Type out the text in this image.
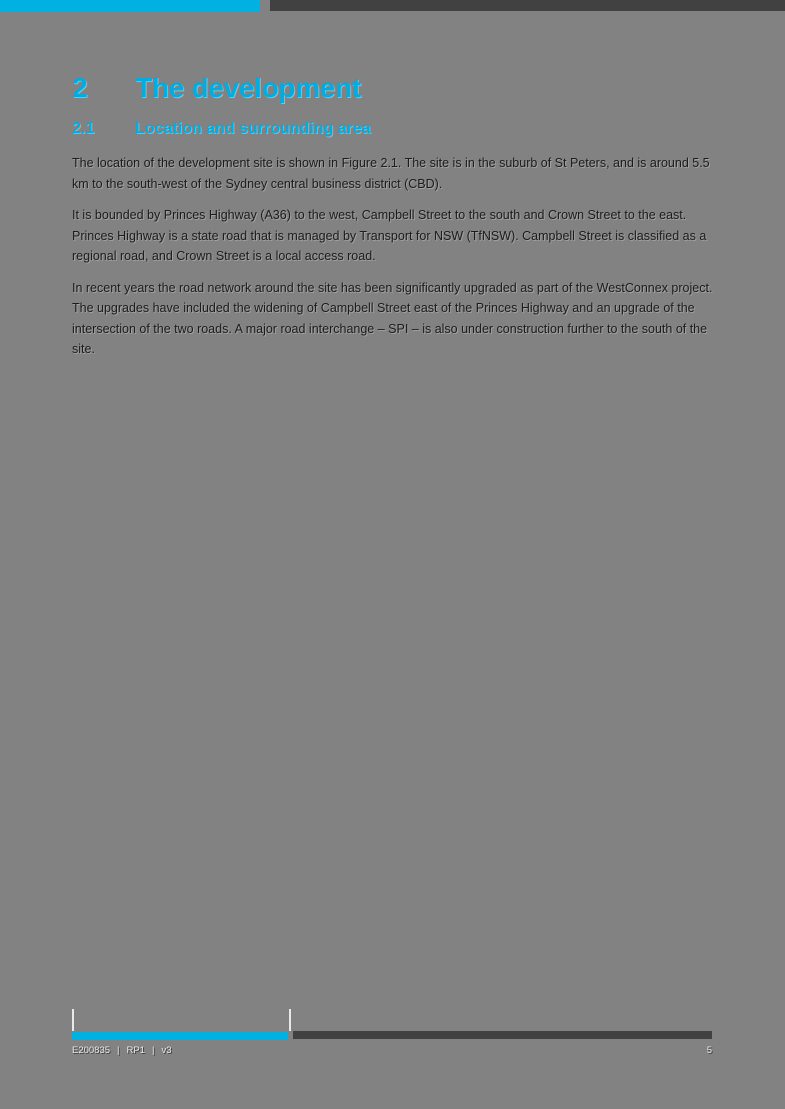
2	The development
2.1	Location and surrounding area

The location of the development site is shown in Figure 2.1. The site is in the suburb of St Peters, and is around 5.5 km to the south-west of the Sydney central business district (CBD).

It is bounded by Princes Highway (A36) to the west, Campbell Street to the south and Crown Street to the east. Princes Highway is a state road that is managed by Transport for NSW (TfNSW). Campbell Street is classified as a regional road, and Crown Street is a local access road.

In recent years the road network around the site has been significantly upgraded as part of the WestConnex project. The upgrades have included the widening of Campbell Street east of the Princes Highway and an upgrade of the intersection of the two roads. A major road interchange – SPI – is also under construction further to the south of the site.

E200835 | RP1 | v3	5
